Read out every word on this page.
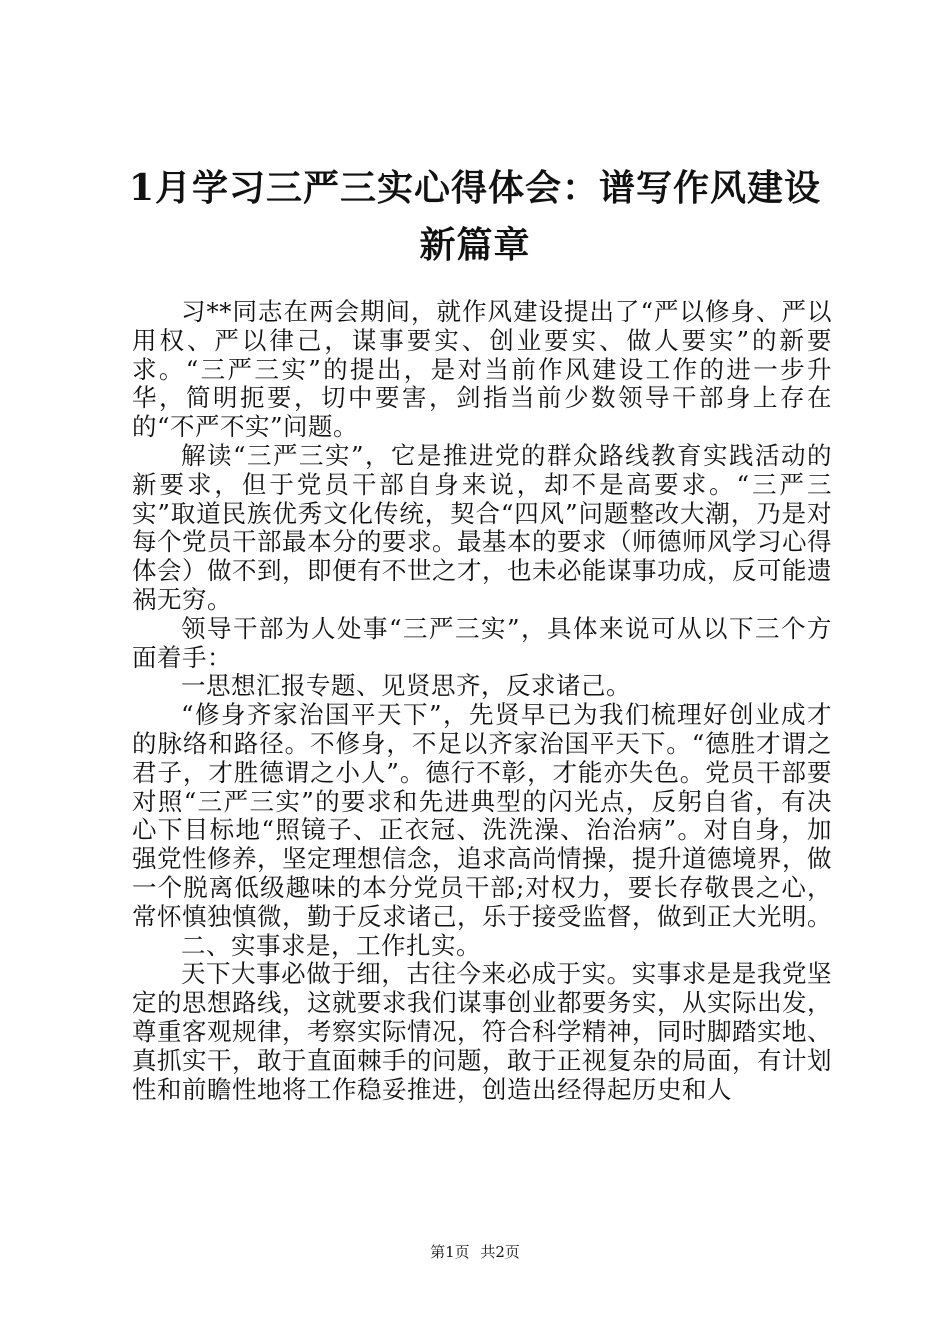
1月学习三严三实心得体会：谱写作风建设新篇章

习**同志在两会期间，就作风建设提出了“严以修身、严以用权、严以律己，谋事要实、创业要实、做人要实”的新要求。“三严三实”的提出，是对当前作风建设工作的进一步升华，简明扼要，切中要害，剑指当前少数领导干部身上存在的“不严不实”问题。

解读“三严三实”，它是推进党的群众路线教育实践活动的新要求，但于党员干部自身来说，却不是高要求。“三严三实”取道民族优秀文化传统，契合“四风”问题整改大潮，乃是对每个党员干部最本分的要求。最基本的要求（师德师风学习心得体会）做不到，即便有不世之才，也未必能谋事功成，反可能遗祸无穷。

领导干部为人处事“三严三实”，具体来说可从以下三个方面着手：

一思想汇报专题、见贤思齐，反求诸己。

“修身齐家治国平天下”，先贤早已为我们梳理好创业成才的脉络和路径。不修身，不足以齐家治国平天下。“德胜才谓之君子，才胜德谓之小人”。德行不彰，才能亦失色。党员干部要对照“三严三实”的要求和先进典型的闪光点，反躬自省，有决心下目标地“照镜子、正衣冠、洗洗澡、治治病”。对自身，加强党性修养，坚定理想信念，追求高尚情操，提升道德境界，做一个脱离低级趣味的本分党员干部;对权力，要长存敬畏之心，常怀慎独慎微，勤于反求诸己，乐于接受监督，做到正大光明。

二、实事求是，工作扎实。

天下大事必做于细，古往今来必成于实。实事求是是我党坚定的思想路线，这就要求我们谋事创业都要务实，从实际出发，尊重客观规律，考察实际情况，符合科学精神，同时脚踏实地、真抓实干，敢于直面棘手的问题，敢于正视复杂的局面，有计划性和前瞻性地将工作稳妥推进，创造出经得起历史和人

第1页 共2页
